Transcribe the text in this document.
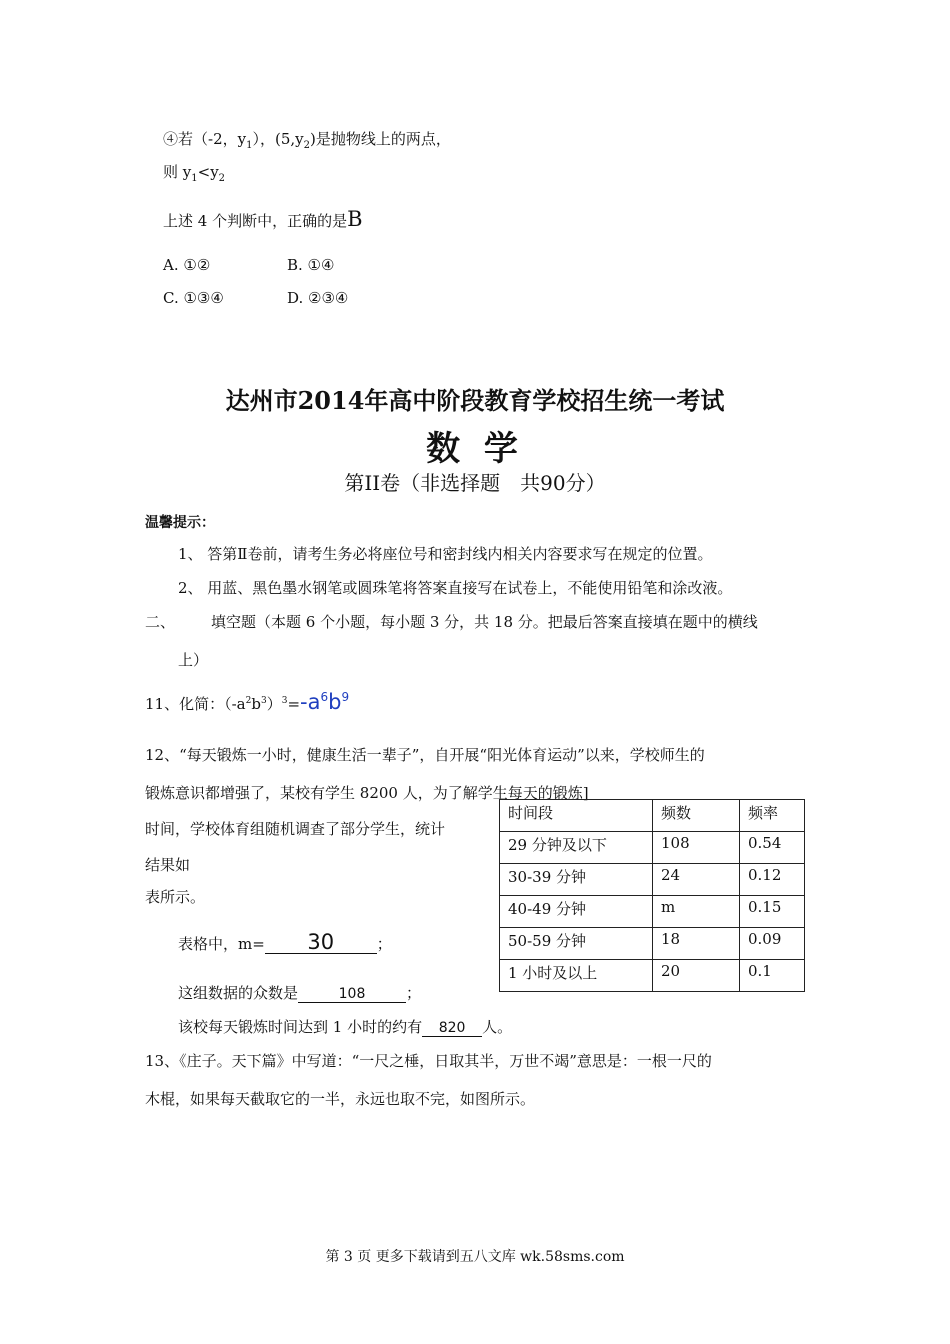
④若（-2，$y_1$），$(5,y_2)$是抛物线上的两点，
则 $y_1<y_2$
上述 4 个判断中，正确的是B
A. ①②	B. ①④
C. ①③④	D. ②③④
达州市2014年高中阶段教育学校招生统一考试
数 学
第II卷（非选择题　共90分）
温馨提示：
1、 答第Ⅱ卷前，请考生务必将座位号和密封线内相关内容要求写在规定的位置。
2、 用蓝、黑色墨水钢笔或圆珠笔将答案直接写在试卷上，不能使用铅笔和涂改液。
二、 填空题（本题 6 个小题，每小题 3 分，共 18 分。把最后答案直接填在题中的横线
上）
11、化简：$(-a^2b^3)^3=-a^6b^9$
12、“每天锻炼一小时，健康生活一辈子”，自开展“阳光体育运动”以来，学校师生的
锻炼意识都增强了，某校有学生 8200 人，为了解学生每天的锻炼]
时间，学校体育组随机调查了部分学生，统计
结果如
表所示。
时间段	频数	频率
29 分钟及以下	108	0.54
30-39 分钟	24	0.12
40-49 分钟	m	0.15
50-59 分钟	18	0.09
1 小时及以上	20	0.1
表格中，m= 30	；
这组数据的众数是	108	；
该校每天锻炼时间达到 1 小时的约有 820 人。
13、《庄子。天下篇》中写道：“一尺之棰，日取其半，万世不竭”意思是：一根一尺的
木棍，如果每天截取它的一半，永远也取不完，如图所示。
第 3 页 更多下载请到五八文库 wk.58sms.com
